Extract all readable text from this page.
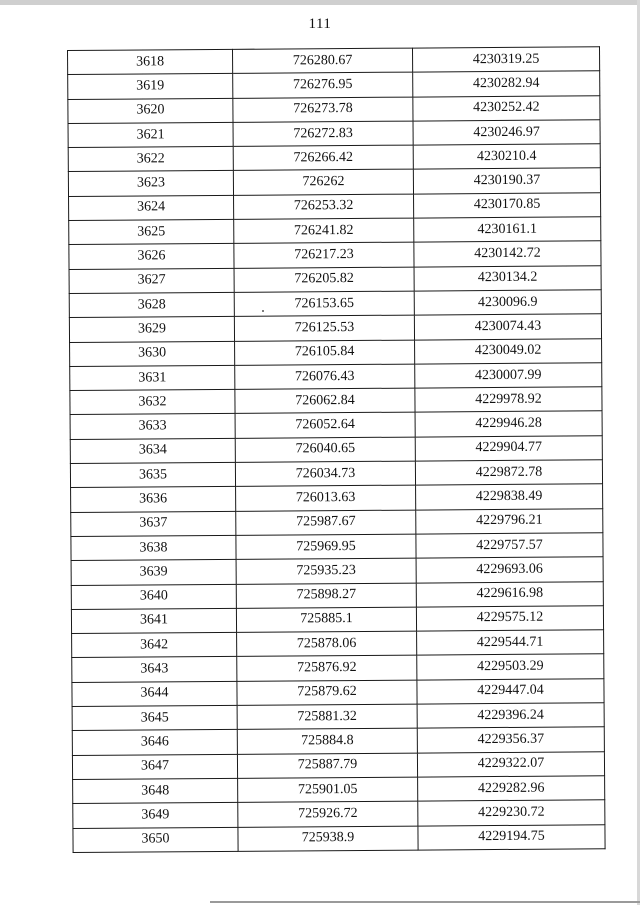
111
3618	726280.67	4230319.25
3619	726276.95	4230282.94
3620	726273.78	4230252.42
3621	726272.83	4230246.97
3622	726266.42	4230210.4
3623	726262	4230190.37
3624	726253.32	4230170.85
3625	726241.82	4230161.1
3626	726217.23	4230142.72
3627	726205.82	4230134.2
3628	726153.65	4230096.9
3629	726125.53	4230074.43
3630	726105.84	4230049.02
3631	726076.43	4230007.99
3632	726062.84	4229978.92
3633	726052.64	4229946.28
3634	726040.65	4229904.77
3635	726034.73	4229872.78
3636	726013.63	4229838.49
3637	725987.67	4229796.21
3638	725969.95	4229757.57
3639	725935.23	4229693.06
3640	725898.27	4229616.98
3641	725885.1	4229575.12
3642	725878.06	4229544.71
3643	725876.92	4229503.29
3644	725879.62	4229447.04
3645	725881.32	4229396.24
3646	725884.8	4229356.37
3647	725887.79	4229322.07
3648	725901.05	4229282.96
3649	725926.72	4229230.72
3650	725938.9	4229194.75
